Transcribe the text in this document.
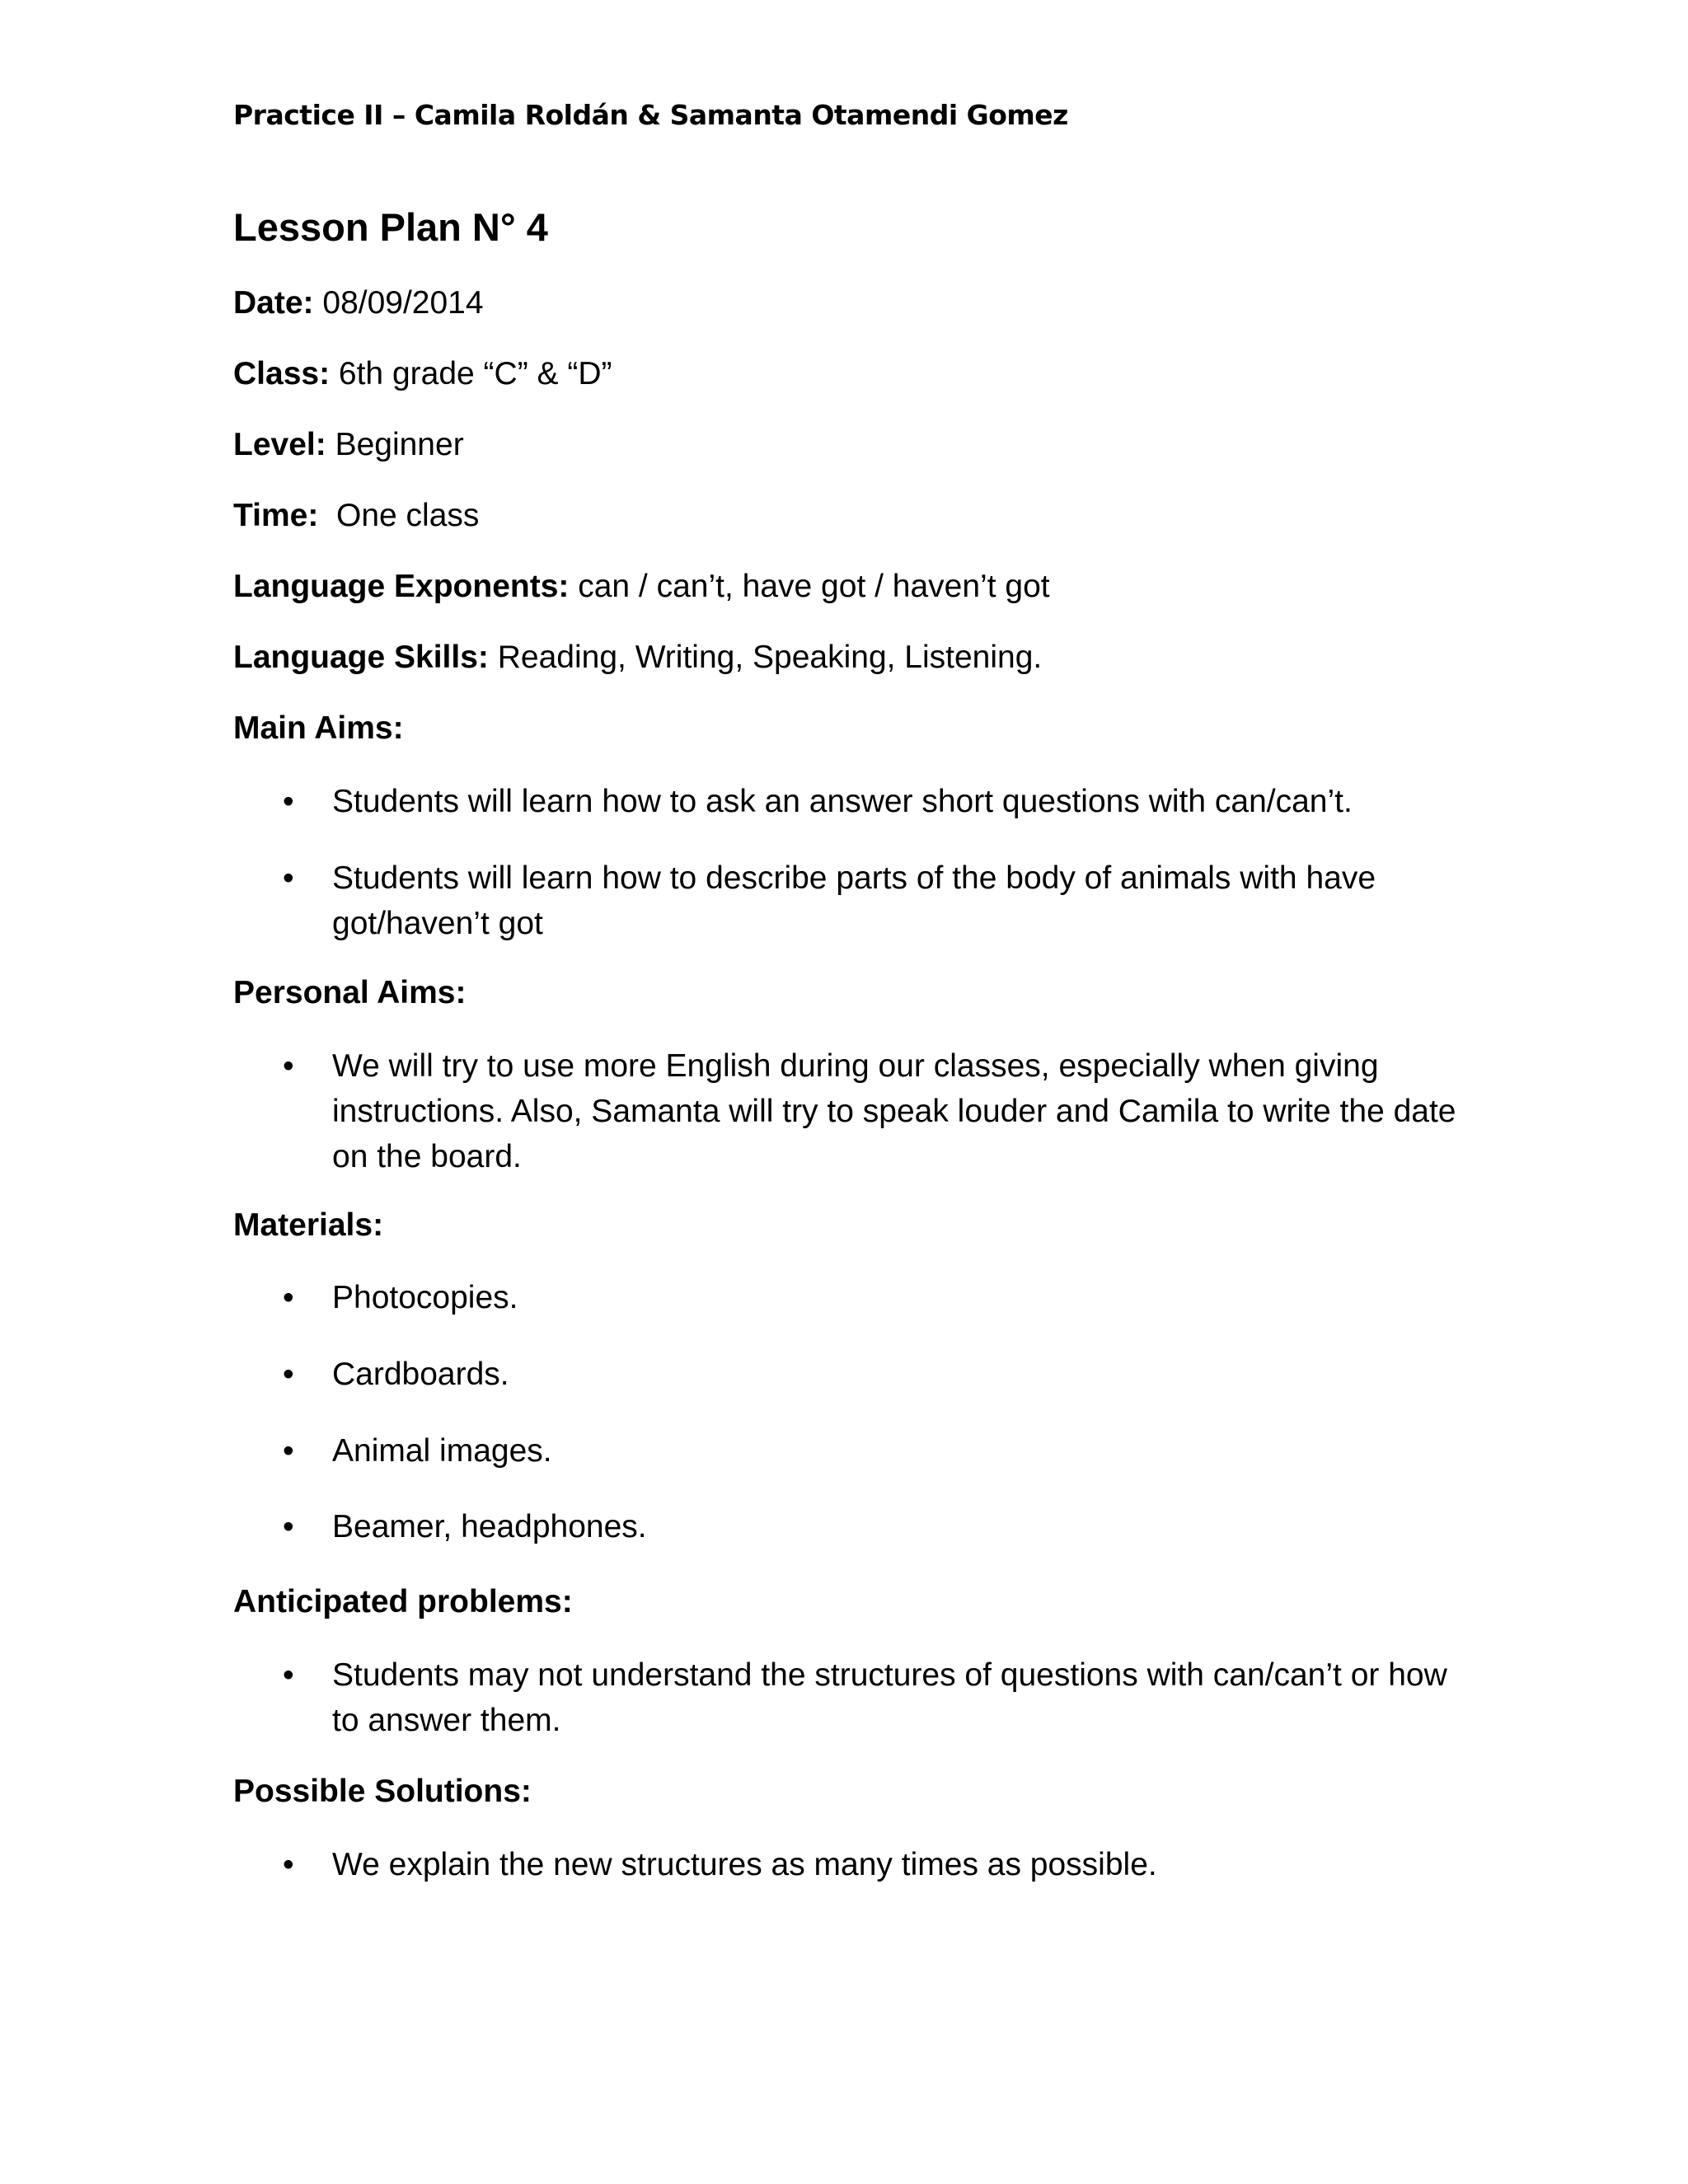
Practice II – Camila Roldán & Samanta Otamendi Gomez
Lesson Plan N° 4
Date: 08/09/2014
Class: 6th grade “C” & “D”
Level: Beginner
Time: One class
Language Exponents: can / can’t, have got / haven’t got
Language Skills: Reading, Writing, Speaking, Listening.
Main Aims:
•	Students will learn how to ask an answer short questions with can/can’t.
•	Students will learn how to describe parts of the body of animals with have got/haven’t got
Personal Aims:
•	We will try to use more English during our classes, especially when giving instructions. Also, Samanta will try to speak louder and Camila to write the date on the board.
Materials:
•	Photocopies.
•	Cardboards.
•	Animal images.
•	Beamer, headphones.
Anticipated problems:
•	Students may not understand the structures of questions with can/can’t or how to answer them.
Possible Solutions:
•	We explain the new structures as many times as possible.
